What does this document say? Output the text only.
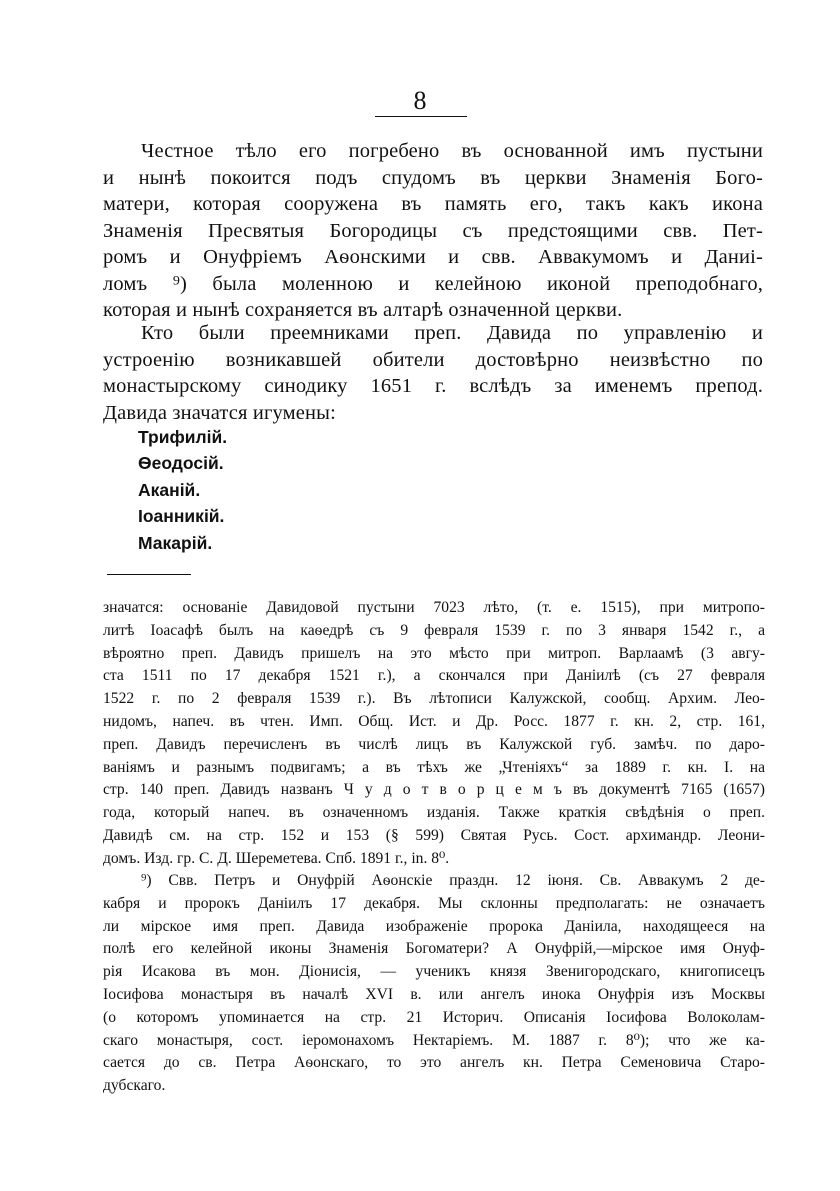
8
Честное тѣло его погребено въ основанной имъ пустыни
и нынѣ покоится подъ спудомъ въ церкви Знаменія Бого-
матери, которая сооружена въ память его, такъ какъ икона
Знаменія Пресвятыя Богородицы съ предстоящими свв. Пет-
ромъ и Онуфріемъ Аѳонскими и свв. Аввакумомъ и Даниі-
ломъ ⁹) была моленною и келейною иконой преподобнаго,
которая и нынѣ сохраняется въ алтарѣ означенной церкви.
Кто были преемниками преп. Давида по управленію и
устроенію возникавшей обители достовѣрно неизвѣстно по
монастырскому синодику 1651 г. вслѣдъ за именемъ препод.
Давида значатся игумены:
Трифилій.
Ѳеодосій.
Аканій.
Іоанникій.
Макарій.
значатся: основаніе Давидовой пустыни 7023 лѣто, (т. е. 1515), при митропо-
литѣ Іоасафѣ былъ на каѳедрѣ съ 9 февраля 1539 г. по 3 января 1542 г., а
вѣроятно преп. Давидъ пришелъ на это мѣсто при митроп. Варлаамѣ (3 авгу-
ста 1511 по 17 декабря 1521 г.), а скончался при Даніилѣ (съ 27 февраля
1522 г. по 2 февраля 1539 г.). Въ лѣтописи Калужской, сообщ. Архим. Лео-
нидомъ, напеч. въ чтен. Имп. Общ. Ист. и Др. Росс. 1877 г. кн. 2, стр. 161,
преп. Давидъ перечисленъ въ числѣ лицъ въ Калужской губ. замѣч. по даро-
ваніямъ и разнымъ подвигамъ; а въ тѣхъ же „Чтеніяхъ“ за 1889 г. кн. I. на
стр. 140 преп. Давидъ названъ Ч у д о т в о р ц е м ъ въ документѣ 7165 (1657)
года, который напеч. въ означенномъ изданія. Также краткія свѣдѣнія о преп.
Давидѣ см. на стр. 152 и 153 (§ 599) Святая Русь. Сост. архимандр. Леони-
домъ. Изд. гр. С. Д. Шереметева. Спб. 1891 г., in. 8⁰.
⁹) Свв. Петръ и Онуфрій Аѳонскіе праздн. 12 іюня. Св. Аввакумъ 2 де-
кабря и пророкъ Даніилъ 17 декабря. Мы склонны предполагать: не означаетъ
ли мірское имя преп. Давида изображеніе пророка Даніила, находящееся на
полѣ его келейной иконы Знаменія Богоматери? А Онуфрій,—мірское имя Онуф-
рія Исакова въ мон. Діонисія, — ученикъ князя Звенигородскаго, книгописецъ
Іосифова монастыря въ началѣ XVI в. или ангелъ инока Онуфрія изъ Москвы
(о которомъ упоминается на стр. 21 Историч. Описанія Іосифова Волоколам-
скаго монастыря, сост. іеромонахомъ Нектаріемъ. М. 1887 г. 8⁰); что же ка-
сается до св. Петра Аѳонскаго, то это ангелъ кн. Петра Семеновича Старо-
дубскаго.
